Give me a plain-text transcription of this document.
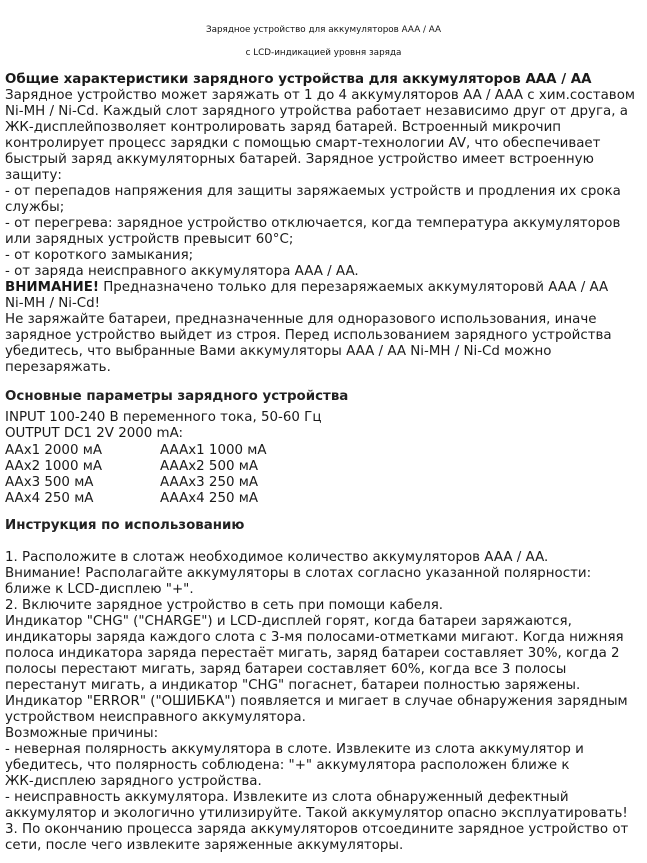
Зарядное устройство для аккумуляторов AAA / AA
с LCD-индикацией уровня заряда
Общие характеристики зарядного устройства для аккумуляторов AAA / AA
Зарядное устройство может заряжать от 1 до 4 аккумуляторов AA / AAA с хим.составом
Ni-MH / Ni-Cd. Каждый слот зарядного утройства работает независимо друг от друга, а
ЖК-дисплейпозволяет контролировать заряд батарей. Встроенный микрочип
контролирует процесс зарядки с помощью смарт-технологии AV, что обеспечивает
быстрый заряд аккумуляторных батарей. Зарядное устройство имеет встроенную
защиту:
- от перепадов напряжения для защиты заряжаемых устройств и продления их срока
службы;
- от перегрева: зарядное устройство отключается, когда температура аккумуляторов
или зарядных устройств превысит 60°C;
- от короткого замыкания;
- от заряда неисправного аккумулятора AAA / AA.
ВНИМАНИЕ! Предназначено только для перезаряжаемых аккумуляторовй AAA / AA
Ni-MH / Ni-Cd!
Не заряжайте батареи, предназначенные для одноразового использования, иначе
зарядное устройство выйдет из строя. Перед использованием зарядного устройства
убедитесь, что выбранные Вами аккумуляторы AAA / AA Ni-MH / Ni-Cd можно
перезаряжать.
Основные параметры зарядного устройства
INPUT 100-240 В переменного тока, 50-60 Гц
OUTPUT DC1 2V 2000 mA:
AAx1 2000 мА	AAAx1 1000 мА
AAx2 1000 мА	AAAx2 500 мА
AAx3 500 мА	AAAx3 250 мА
AAx4 250 мА	AAAx4 250 мА
Инструкция по использованию
1. Расположите в слотаж необходимое количество аккумуляторов AAA / AA.
Внимание! Располагайте аккумуляторы в слотах согласно указанной полярности:
ближе к LCD-дисплею "+".
2. Включите зарядное устройство в сеть при помощи кабеля.
Индикатор "CHG" ("CHARGE") и LCD-дисплей горят, когда батареи заряжаются,
индикаторы заряда каждого слота с 3-мя полосами-отметками мигают. Когда нижняя
полоса индикатора заряда перестаёт мигать, заряд батареи составляет 30%, когда 2
полосы перестают мигать, заряд батареи составляет 60%, когда все 3 полосы
перестанут мигать, а индикатор "CHG" погаснет, батареи полностью заряжены.
Индикатор "ERROR" ("ОШИБКА") появляется и мигает в случае обнаружения зарядным
устройством неисправного аккумулятора.
Возможные причины:
- неверная полярность аккумулятора в слоте. Извлеките из слота аккумулятор и
убедитесь, что полярность соблюдена: "+" аккумулятора расположен ближе к
ЖК-дисплею зарядного устройства.
- неисправность аккумулятора. Извлеките из слота обнаруженный дефектный
аккумулятор и экологично утилизируйте. Такой аккумулятор опасно эксплуатировать!
3. По окончанию процесса заряда аккумуляторов отсоедините зарядное устройство от
сети, после чего извлеките заряженные аккумуляторы.
